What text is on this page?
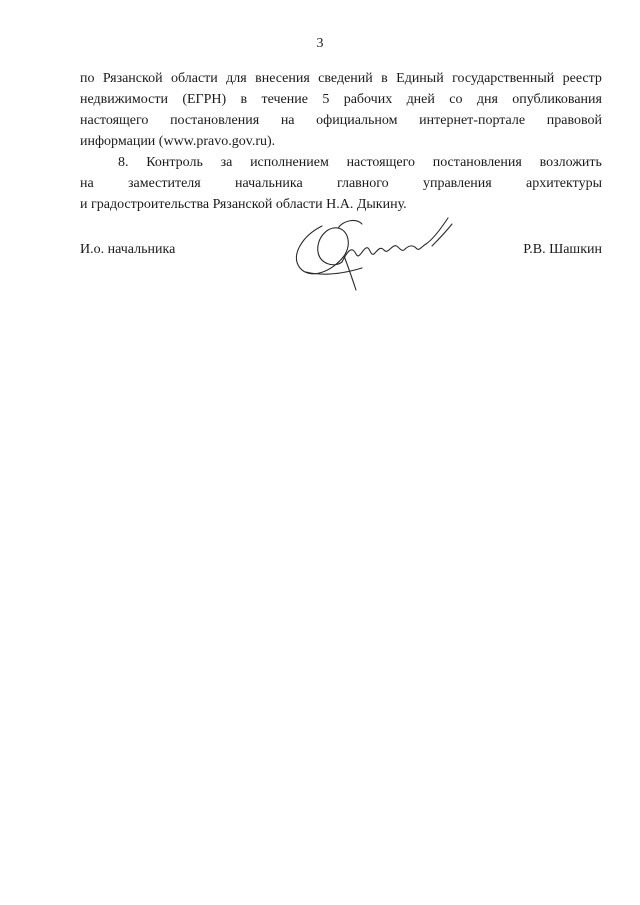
3
по Рязанской области для внесения сведений в Единый государственный реестр
недвижимости (ЕГРН) в течение 5 рабочих дней со дня опубликования
настоящего постановления на официальном интернет-портале правовой
информации (www.pravo.gov.ru).
8. Контроль за исполнением настоящего постановления возложить
на заместителя начальника главного управления архитектуры
и градостроительства Рязанской области Н.А. Дыкину.
И.о. начальника	Р.В. Шашкин
